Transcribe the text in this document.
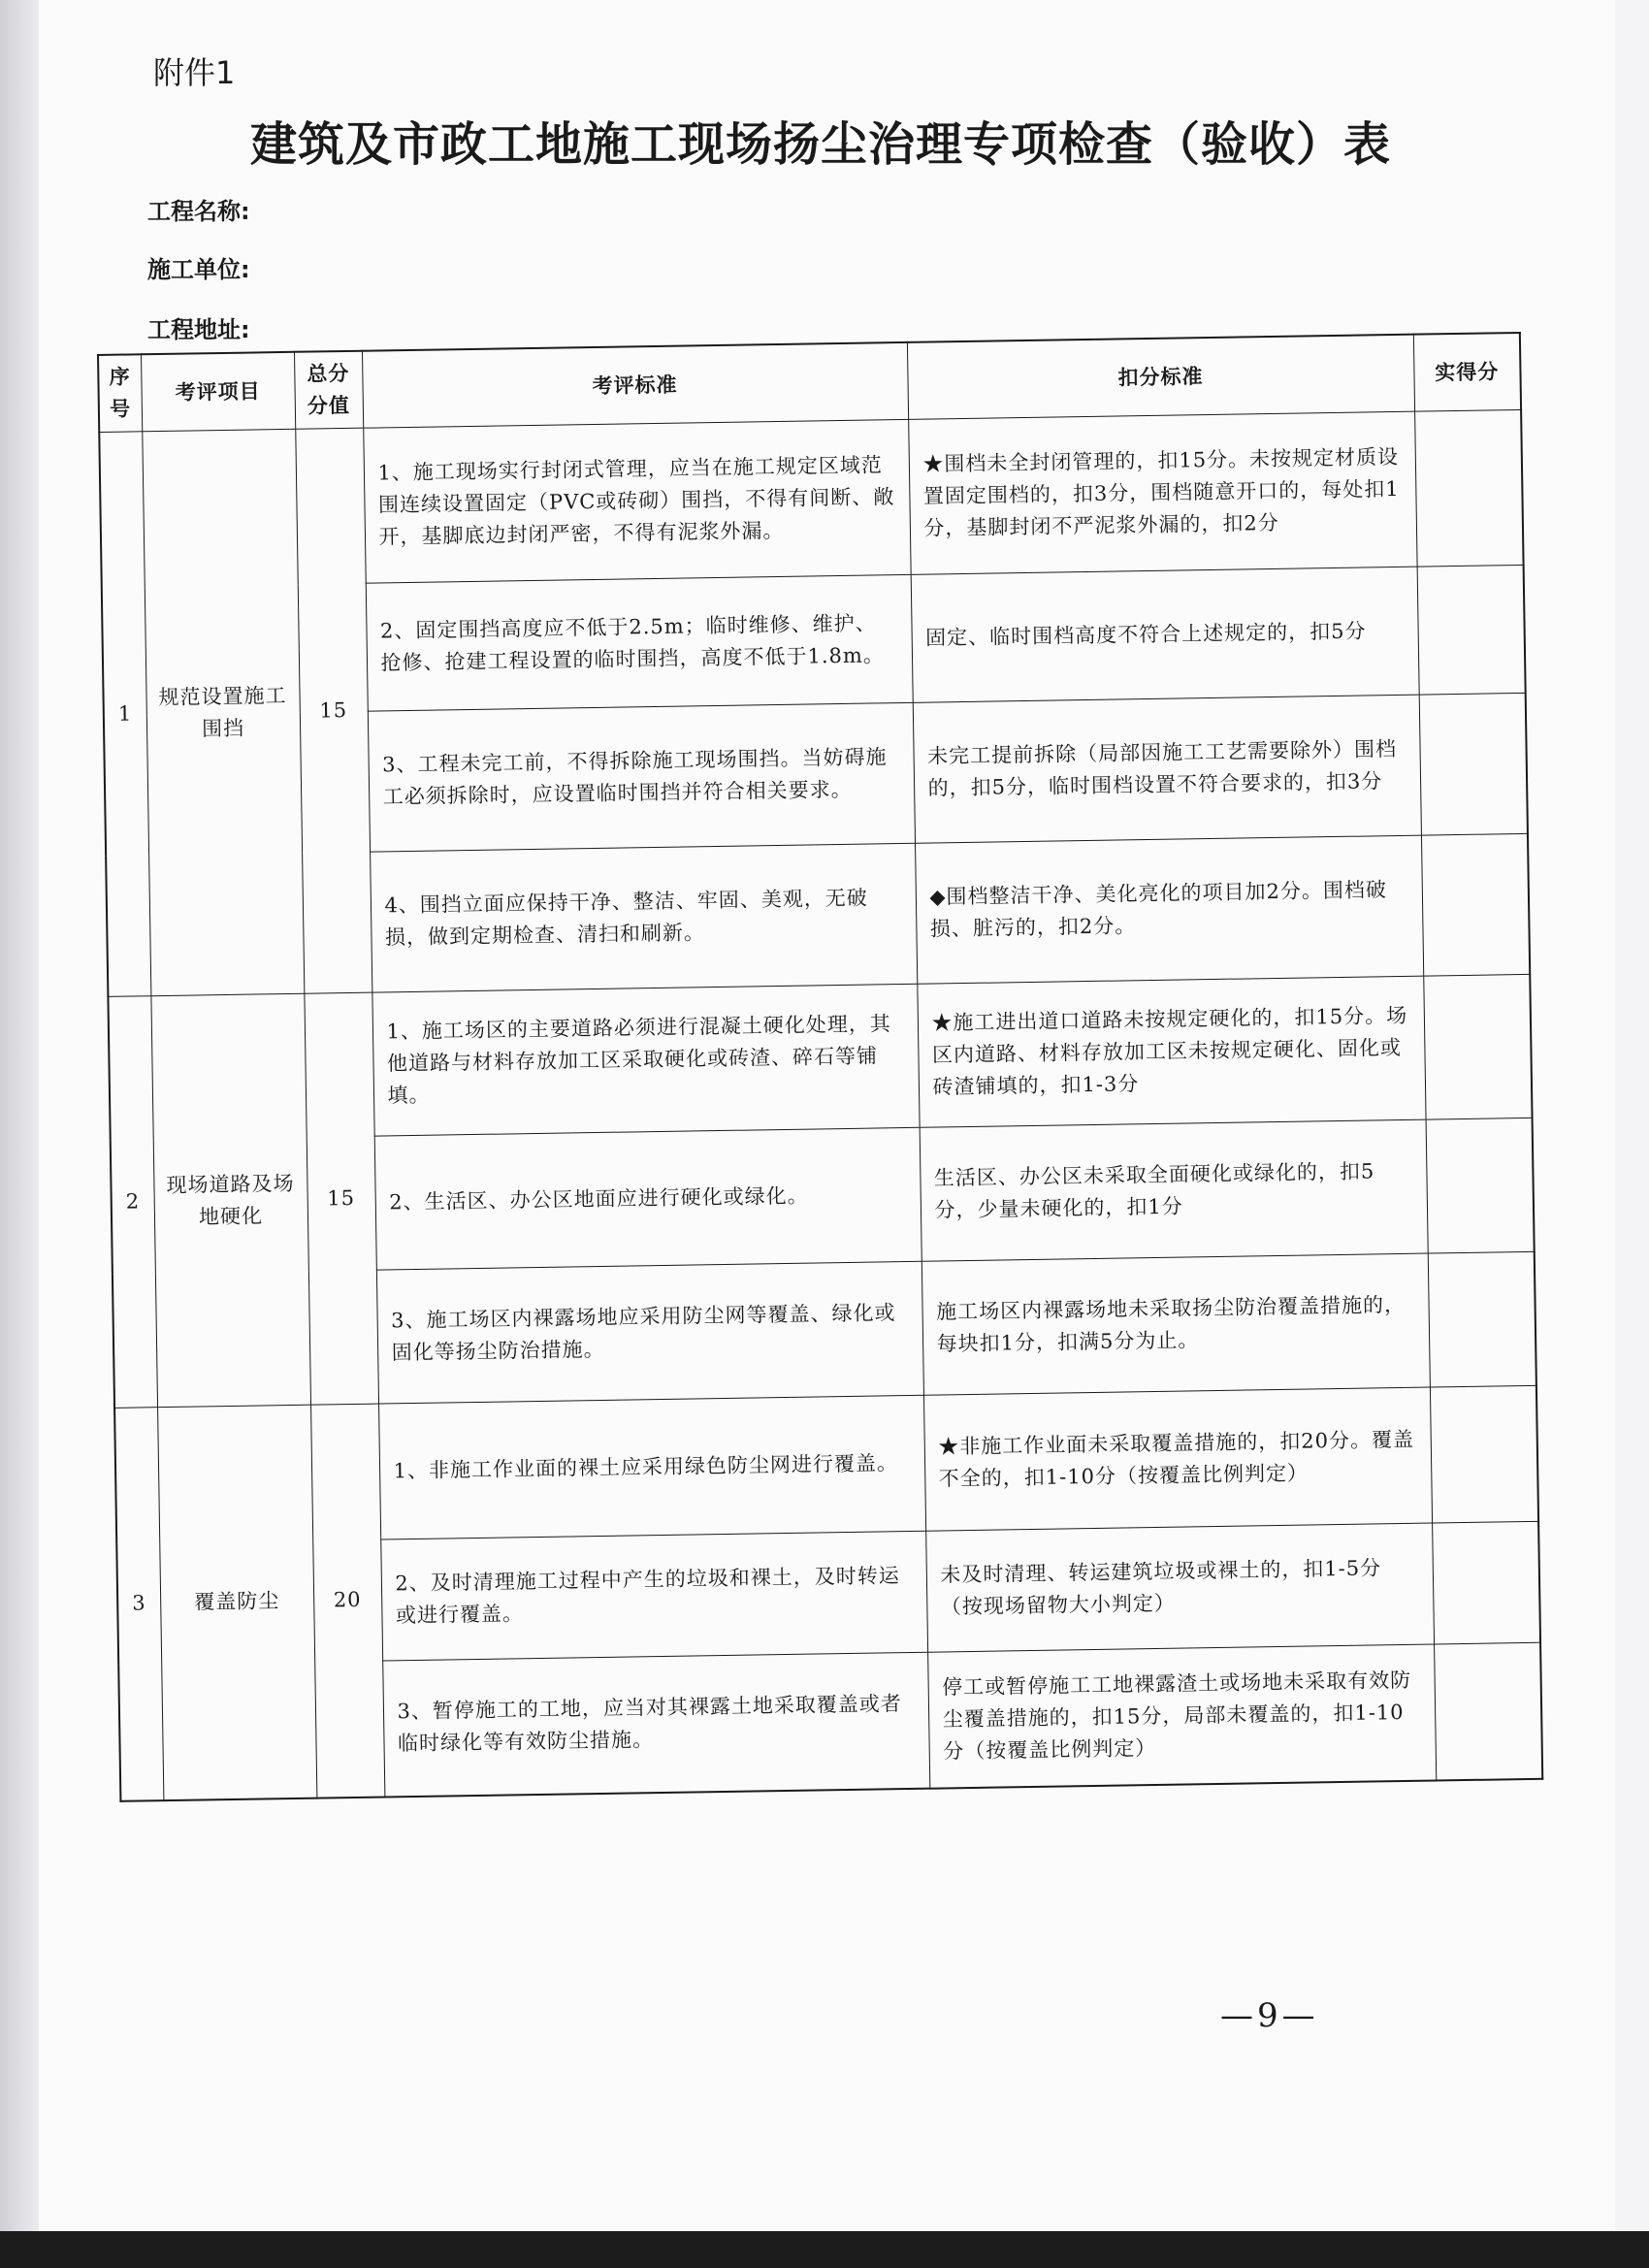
附件1
建筑及市政工地施工现场扬尘治理专项检查（验收）表
工程名称:
施工单位:
工程地址:
序号	考评项目	总分分值	考评标准	扣分标准	实得分
1	规范设置施工围挡	15	1、施工现场实行封闭式管理，应当在施工规定区域范围连续设置固定（PVC或砖砌）围挡，不得有间断、敞开，基脚底边封闭严密，不得有泥浆外漏。	★围档未全封闭管理的，扣15分。未按规定材质设置固定围档的，扣3分，围档随意开口的，每处扣1分，基脚封闭不严泥浆外漏的，扣2分	
			2、固定围挡高度应不低于2.5m；临时维修、维护、抢修、抢建工程设置的临时围挡，高度不低于1.8m。	固定、临时围档高度不符合上述规定的，扣5分	
			3、工程未完工前，不得拆除施工现场围挡。当妨碍施工必须拆除时，应设置临时围挡并符合相关要求。	未完工提前拆除（局部因施工工艺需要除外）围档的，扣5分，临时围档设置不符合要求的，扣3分	
			4、围挡立面应保持干净、整洁、牢固、美观，无破损，做到定期检查、清扫和刷新。	◆围档整洁干净、美化亮化的项目加2分。围档破损、脏污的，扣2分。	
2	现场道路及场地硬化	15	1、施工场区的主要道路必须进行混凝土硬化处理，其他道路与材料存放加工区采取硬化或砖渣、碎石等铺填。	★施工进出道口道路未按规定硬化的，扣15分。场区内道路、材料存放加工区未按规定硬化、固化或砖渣铺填的，扣1-3分	
			2、生活区、办公区地面应进行硬化或绿化。	生活区、办公区未采取全面硬化或绿化的，扣5分，少量未硬化的，扣1分	
			3、施工场区内裸露场地应采用防尘网等覆盖、绿化或固化等扬尘防治措施。	施工场区内裸露场地未采取扬尘防治覆盖措施的，每块扣1分，扣满5分为止。	
3	覆盖防尘	20	1、非施工作业面的裸土应采用绿色防尘网进行覆盖。	★非施工作业面未采取覆盖措施的，扣20分。覆盖不全的，扣1-10分（按覆盖比例判定）	
			2、及时清理施工过程中产生的垃圾和裸土，及时转运或进行覆盖。	未及时清理、转运建筑垃圾或裸土的，扣1-5分（按现场留物大小判定）	
			3、暂停施工的工地，应当对其裸露土地采取覆盖或者临时绿化等有效防尘措施。	停工或暂停施工工地裸露渣土或场地未采取有效防尘覆盖措施的，扣15分，局部未覆盖的，扣1-10分（按覆盖比例判定）	
—9—
